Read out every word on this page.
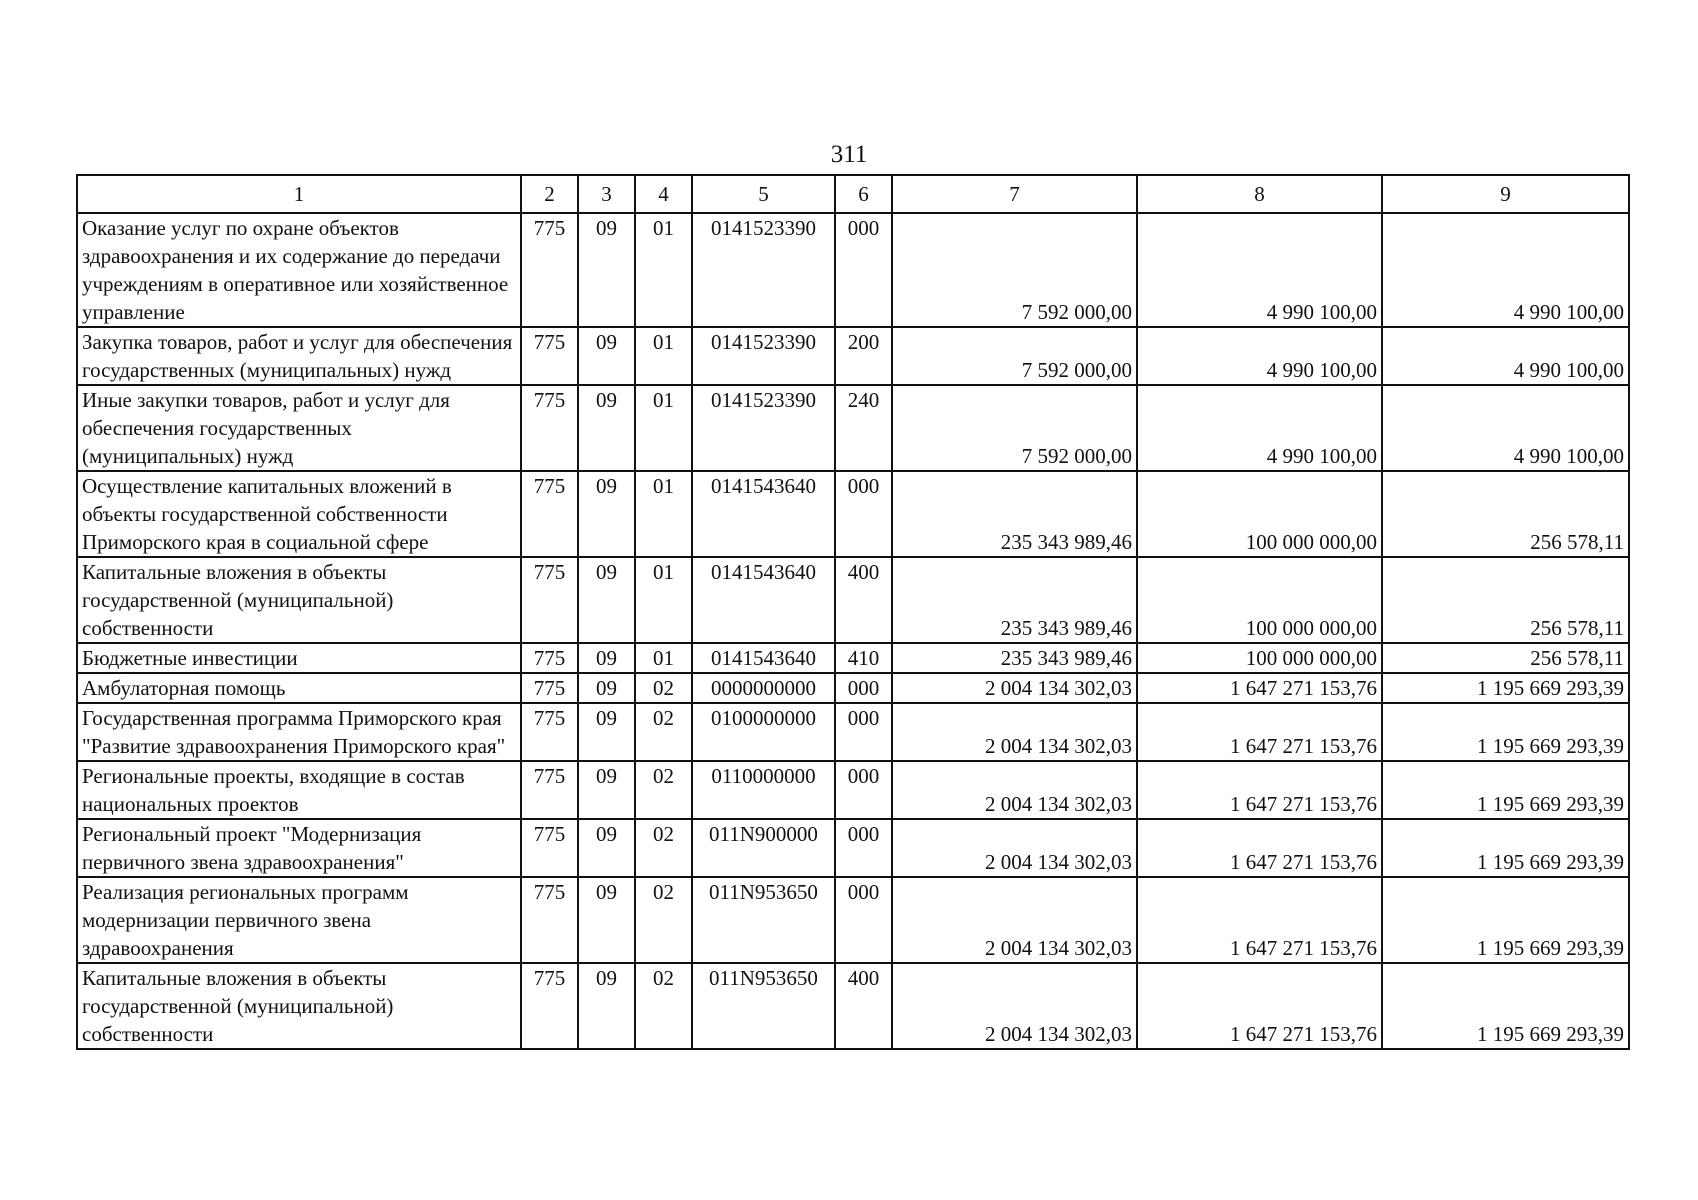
311
1	2	3	4	5	6	7	8	9
Оказание услуг по охране объектов здравоохранения и их содержание до передачи учреждениям в оперативное или хозяйственное управление	775	09	01	0141523390	000	7 592 000,00	4 990 100,00	4 990 100,00
Закупка товаров, работ и услуг для обеспечения государственных (муниципальных) нужд	775	09	01	0141523390	200	7 592 000,00	4 990 100,00	4 990 100,00
Иные закупки товаров, работ и услуг для обеспечения государственных (муниципальных) нужд	775	09	01	0141523390	240	7 592 000,00	4 990 100,00	4 990 100,00
Осуществление капитальных вложений в объекты государственной собственности Приморского края в социальной сфере	775	09	01	0141543640	000	235 343 989,46	100 000 000,00	256 578,11
Капитальные вложения в объекты государственной (муниципальной) собственности	775	09	01	0141543640	400	235 343 989,46	100 000 000,00	256 578,11
Бюджетные инвестиции	775	09	01	0141543640	410	235 343 989,46	100 000 000,00	256 578,11
Амбулаторная помощь	775	09	02	0000000000	000	2 004 134 302,03	1 647 271 153,76	1 195 669 293,39
Государственная программа Приморского края "Развитие здравоохранения Приморского края"	775	09	02	0100000000	000	2 004 134 302,03	1 647 271 153,76	1 195 669 293,39
Региональные проекты, входящие в состав национальных проектов	775	09	02	0110000000	000	2 004 134 302,03	1 647 271 153,76	1 195 669 293,39
Региональный проект "Модернизация первичного звена здравоохранения"	775	09	02	011N900000	000	2 004 134 302,03	1 647 271 153,76	1 195 669 293,39
Реализация региональных программ модернизации первичного звена здравоохранения	775	09	02	011N953650	000	2 004 134 302,03	1 647 271 153,76	1 195 669 293,39
Капитальные вложения в объекты государственной (муниципальной) собственности	775	09	02	011N953650	400	2 004 134 302,03	1 647 271 153,76	1 195 669 293,39
